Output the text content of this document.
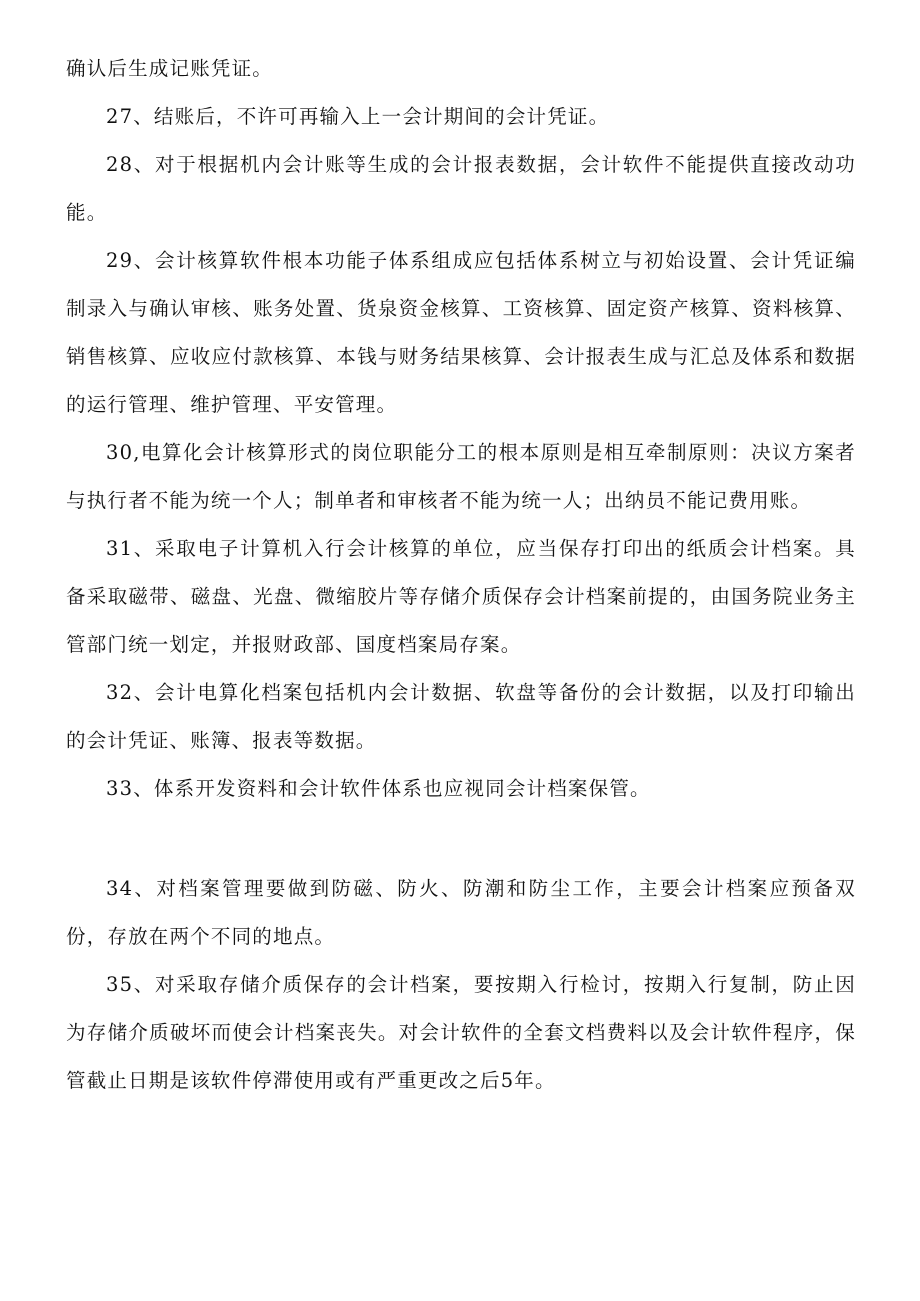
确认后生成记账凭证。

27、结账后，不许可再输入上一会计期间的会计凭证。

28、对于根据机内会计账等生成的会计报表数据，会计软件不能提供直接改动功能。

29、会计核算软件根本功能子体系组成应包括体系树立与初始设置、会计凭证编制录入与确认审核、账务处置、货泉资金核算、工资核算、固定资产核算、资料核算、销售核算、应收应付款核算、本钱与财务结果核算、会计报表生成与汇总及体系和数据的运行管理、维护管理、平安管理。

30,电算化会计核算形式的岗位职能分工的根本原则是相互牵制原则：决议方案者与执行者不能为统一个人；制单者和审核者不能为统一人；出纳员不能记费用账。

31、采取电子计算机入行会计核算的单位，应当保存打印出的纸质会计档案。具备采取磁带、磁盘、光盘、微缩胶片等存储介质保存会计档案前提的，由国务院业务主管部门统一划定，并报财政部、国度档案局存案。

32、会计电算化档案包括机内会计数据、软盘等备份的会计数据，以及打印输出的会计凭证、账簿、报表等数据。

33、体系开发资料和会计软件体系也应视同会计档案保管。

34、对档案管理要做到防磁、防火、防潮和防尘工作，主要会计档案应预备双份，存放在两个不同的地点。

35、对采取存储介质保存的会计档案，要按期入行检讨，按期入行复制，防止因为存储介质破坏而使会计档案丧失。对会计软件的全套文档费料以及会计软件程序，保管截止日期是该软件停滞使用或有严重更改之后5年。
